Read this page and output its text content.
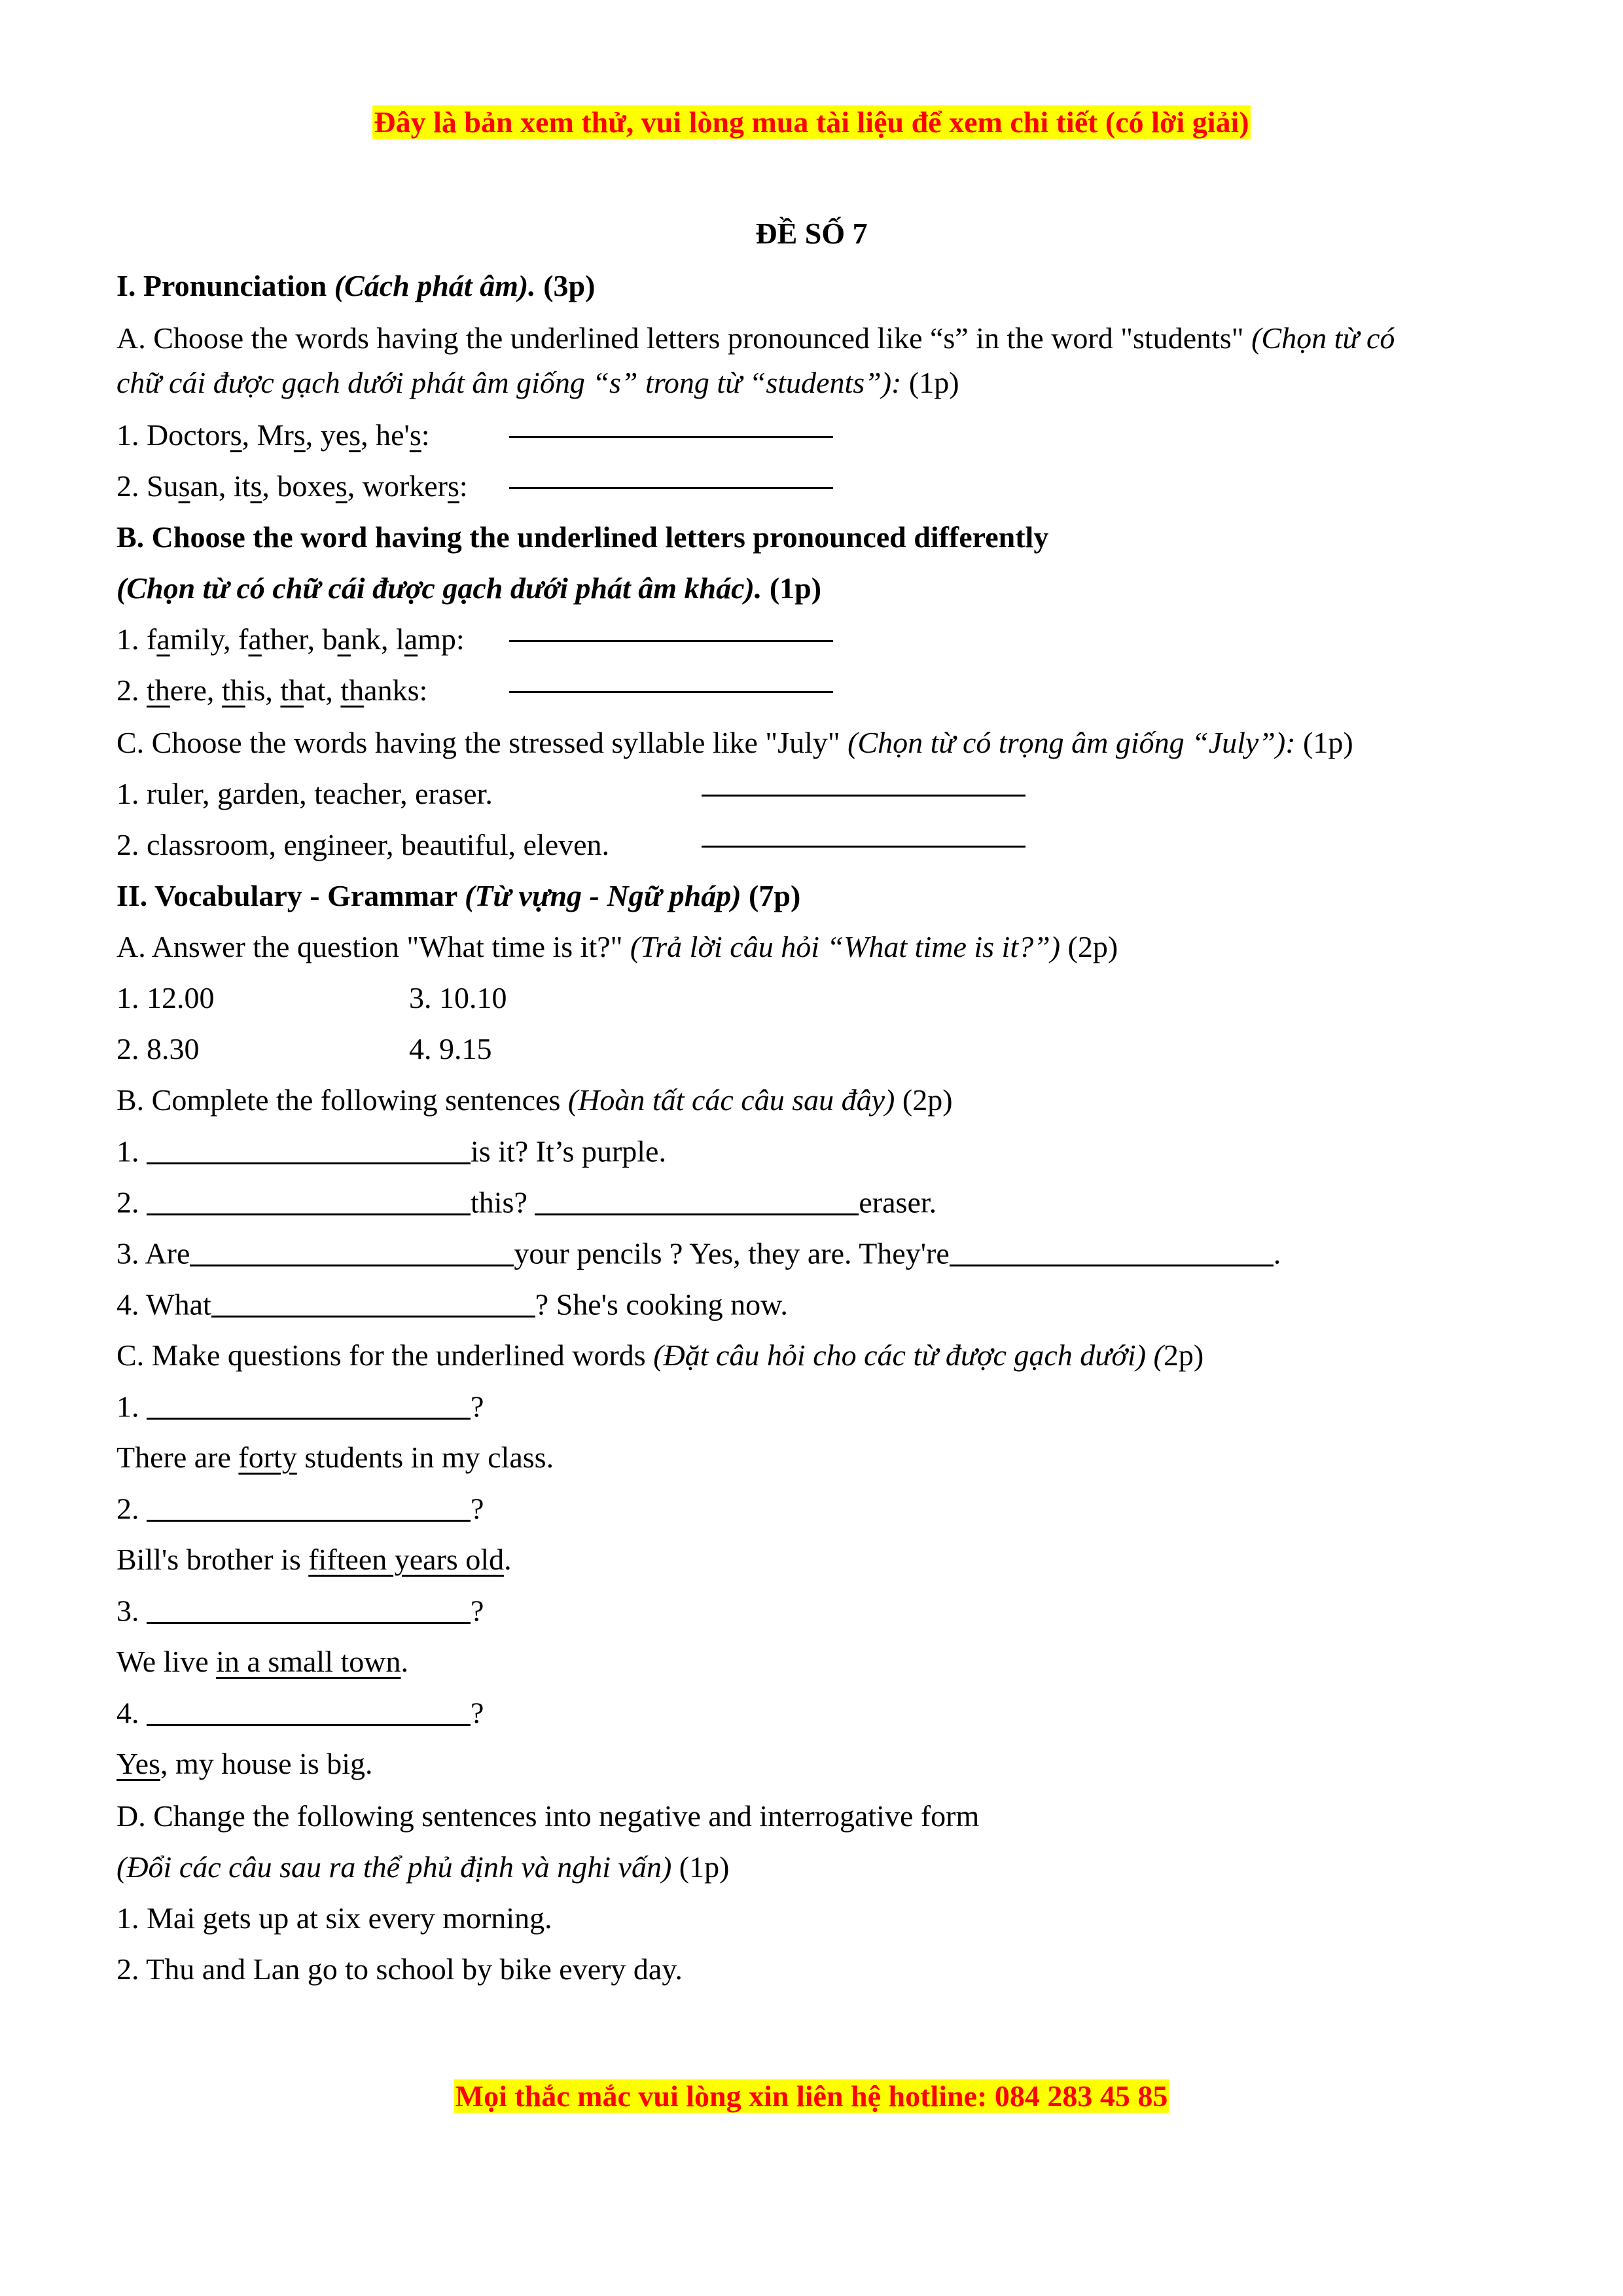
Đây là bản xem thử, vui lòng mua tài liệu để xem chi tiết (có lời giải)
ĐỀ SỐ 7
I. Pronunciation (Cách phát âm). (3p)
A. Choose the words having the underlined letters pronounced like “s” in the word "students" (Chọn từ có
chữ cái được gạch dưới phát âm giống “s” trong từ “students”): (1p)
1. Doctors, Mrs, yes, he's:
2. Susan, its, boxes, workers:
B. Choose the word having the underlined letters pronounced differently
(Chọn từ có chữ cái được gạch dưới phát âm khác). (1p)
1. family, father, bank, lamp:
2. there, this, that, thanks:
C. Choose the words having the stressed syllable like "July" (Chọn từ có trọng âm giống “July”): (1p)
1. ruler, garden, teacher, eraser.
2. classroom, engineer, beautiful, eleven.
II. Vocabulary - Grammar (Từ vựng - Ngữ pháp) (7p)
A. Answer the question "What time is it?" (Trả lời câu hỏi “What time is it?”) (2p)
1. 12.00	3. 10.10
2. 8.30	4. 9.15
B. Complete the following sentences (Hoàn tất các câu sau đây) (2p)
1.	is it? It’s purple.
2.	this?	eraser.
3. Are	your pencils ? Yes, they are. They're	.
4. What	? She's cooking now.
C. Make questions for the underlined words (Đặt câu hỏi cho các từ được gạch dưới) (2p)
1.	?
There are forty students in my class.
2.	?
Bill's brother is fifteen years old.
3.	?
We live in a small town.
4.	?
Yes, my house is big.
D. Change the following sentences into negative and interrogative form
(Đổi các câu sau ra thể phủ định và nghi vấn) (1p)
1. Mai gets up at six every morning.
2. Thu and Lan go to school by bike every day.
Mọi thắc mắc vui lòng xin liên hệ hotline: 084 283 45 85
